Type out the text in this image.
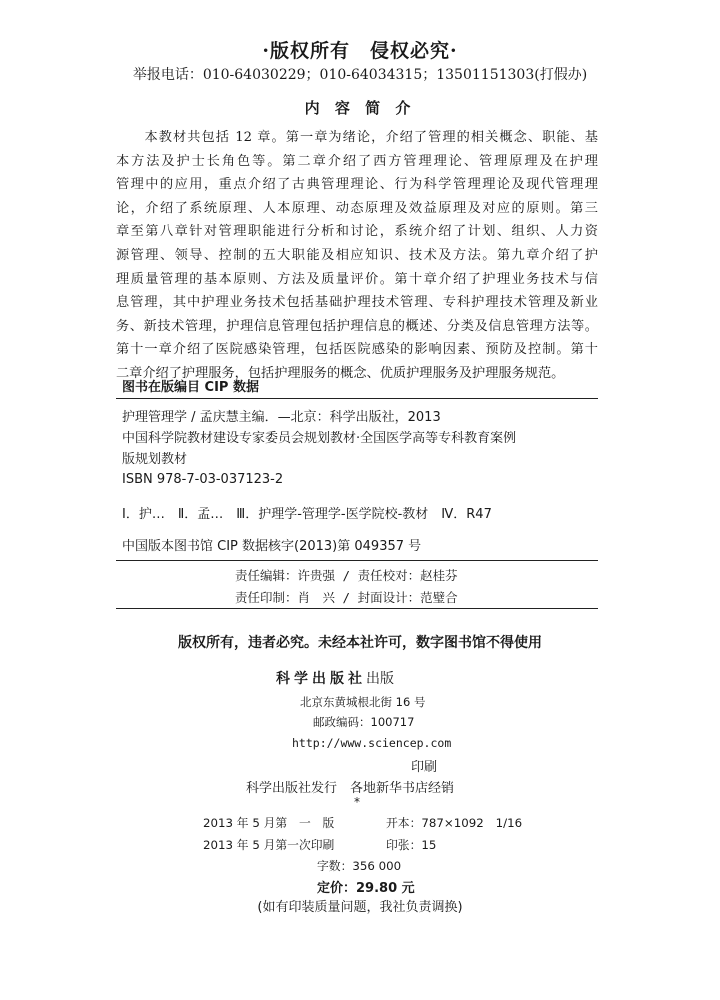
·版权所有　侵权必究·
举报电话：010-64030229；010-64034315；13501151303(打假办)
内 容 简 介
　　本教材共包括 12 章。第一章为绪论，介绍了管理的相关概念、职能、基
本方法及护士长角色等。第二章介绍了西方管理理论、管理原理及在护理
管理中的应用，重点介绍了古典管理理论、行为科学管理理论及现代管理理
论，介绍了系统原理、人本原理、动态原理及效益原理及对应的原则。第三
章至第八章针对管理职能进行分析和讨论，系统介绍了计划、组织、人力资
源管理、领导、控制的五大职能及相应知识、技术及方法。第九章介绍了护
理质量管理的基本原则、方法及质量评价。第十章介绍了护理业务技术与信
息管理，其中护理业务技术包括基础护理技术管理、专科护理技术管理及新业
务、新技术管理，护理信息管理包括护理信息的概述、分类及信息管理方法等。
第十一章介绍了医院感染管理，包括医院感染的影响因素、预防及控制。第十
二章介绍了护理服务，包括护理服务的概念、优质护理服务及护理服务规范。
图书在版编目 CIP 数据
护理管理学 / 孟庆慧主编．—北京：科学出版社，2013
中国科学院教材建设专家委员会规划教材·全国医学高等专科教育案例
版规划教材
ISBN 978-7-03-037123-2
Ⅰ．护…　Ⅱ．孟…　Ⅲ．护理学-管理学-医学院校-教材　Ⅳ．R47
中国版本图书馆 CIP 数据核字(2013)第 049357 号
责任编辑：许贵强 / 责任校对：赵桂芬
责任印制：肖　兴 / 封面设计：范璧合
版权所有，违者必究。未经本社许可，数字图书馆不得使用
科学出版社出版
北京东黄城根北街 16 号
邮政编码：100717
http://www.sciencep.com
印刷
科学出版社发行　各地新华书店经销
*
2013 年 5 月第　一　版
2013 年 5 月第一次印刷
开本：787×1092　1/16
印张：15
字数：356 000
定价：29.80 元
(如有印装质量问题，我社负责调换)
